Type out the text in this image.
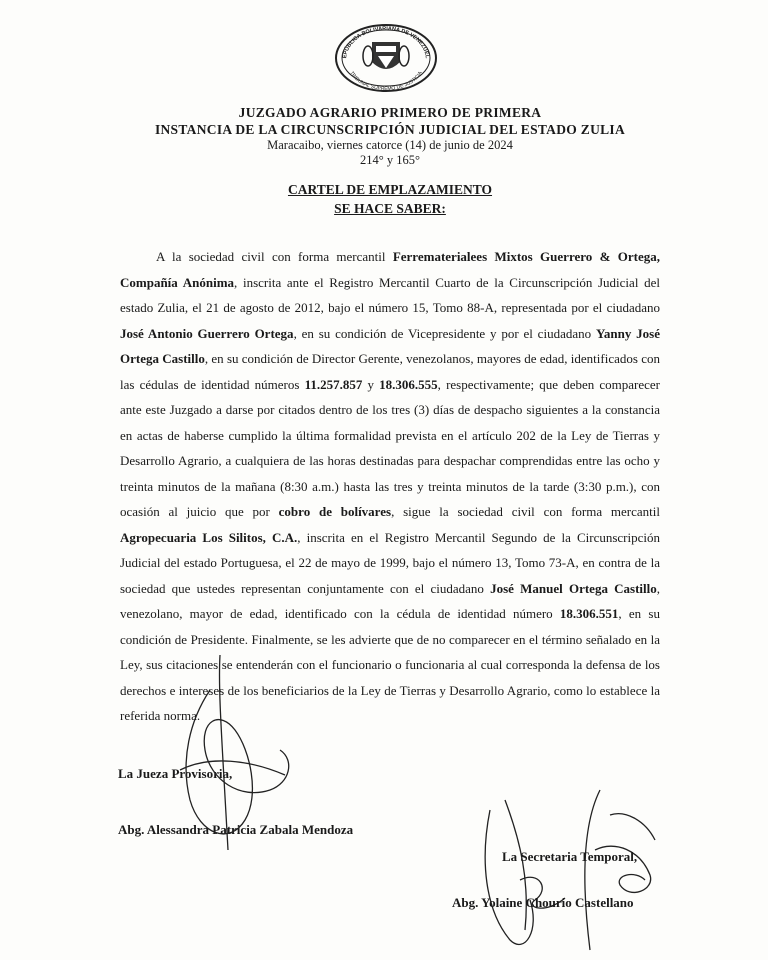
EPÚBLICA BOLIVARIANA DE VENEZUEL
TRIBUNAL SUPREMO DE JUSTICIA
JUZGADO AGRARIO PRIMERO DE PRIMERA
INSTANCIA DE LA CIRCUNSCRIPCIÓN JUDICIAL DEL ESTADO ZULIA
Maracaibo, viernes catorce (14) de junio de 2024
214° y 165°
CARTEL DE EMPLAZAMIENTO
SE HACE SABER:
A la sociedad civil con forma mercantil Ferrematerialees Mixtos Guerrero & Ortega, Compañía Anónima, inscrita ante el Registro Mercantil Cuarto de la Circunscripción Judicial del estado Zulia, el 21 de agosto de 2012, bajo el número 15, Tomo 88-A, representada por el ciudadano José Antonio Guerrero Ortega, en su condición de Vicepresidente y por el ciudadano Yanny José Ortega Castillo, en su condición de Director Gerente, venezolanos, mayores de edad, identificados con las cédulas de identidad números 11.257.857 y 18.306.555, respectivamente; que deben comparecer ante este Juzgado a darse por citados dentro de los tres (3) días de despacho siguientes a la constancia en actas de haberse cumplido la última formalidad prevista en el artículo 202 de la Ley de Tierras y Desarrollo Agrario, a cualquiera de las horas destinadas para despachar comprendidas entre las ocho y treinta minutos de la mañana (8:30 a.m.) hasta las tres y treinta minutos de la tarde (3:30 p.m.), con ocasión al juicio que por cobro de bolívares, sigue la sociedad civil con forma mercantil Agropecuaria Los Silitos, C.A., inscrita en el Registro Mercantil Segundo de la Circunscripción Judicial del estado Portuguesa, el 22 de mayo de 1999, bajo el número 13, Tomo 73-A, en contra de la sociedad que ustedes representan conjuntamente con el ciudadano José Manuel Ortega Castillo, venezolano, mayor de edad, identificado con la cédula de identidad número 18.306.551, en su condición de Presidente. Finalmente, se les advierte que de no comparecer en el término señalado en la Ley, sus citaciones se entenderán con el funcionario o funcionaria al cual corresponda la defensa de los derechos e intereses de los beneficiarios de la Ley de Tierras y Desarrollo Agrario, como lo establece la referida norma.
La Jueza Provisoria,
Abg. Alessandra Patricia Zabala Mendoza
La Secretaria Temporal,
Abg. Yolaine Chourio Castellano
